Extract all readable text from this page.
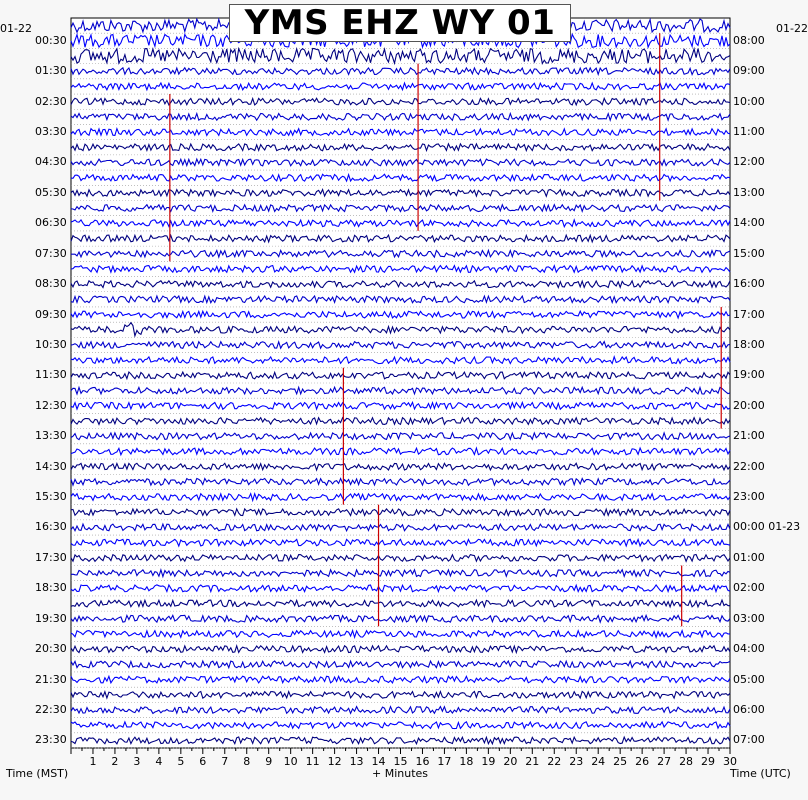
1 2 3 4 5 6 7 8 9 10 11 12 13 14 15 16 17 18 19 20 21 22 23 24 25 26 27 28 29 30
YMS EHZ WY 01
01-22	01-22
00:30
01:30
02:30
03:30
04:30
05:30
06:30
07:30
08:30
09:30
10:30
11:30
12:30
13:30
14:30
15:30
16:30
17:30
18:30
19:30
20:30
21:30
22:30
23:30
08:00
09:00
10:00
11:00
12:00
13:00
14:00
15:00
16:00
17:00
18:00
19:00
20:00
21:00
22:00
23:00
00:00 01-23
01:00
02:00
03:00
04:00
05:00
06:00
07:00
Time (MST)	+ Minutes	Time (UTC)
